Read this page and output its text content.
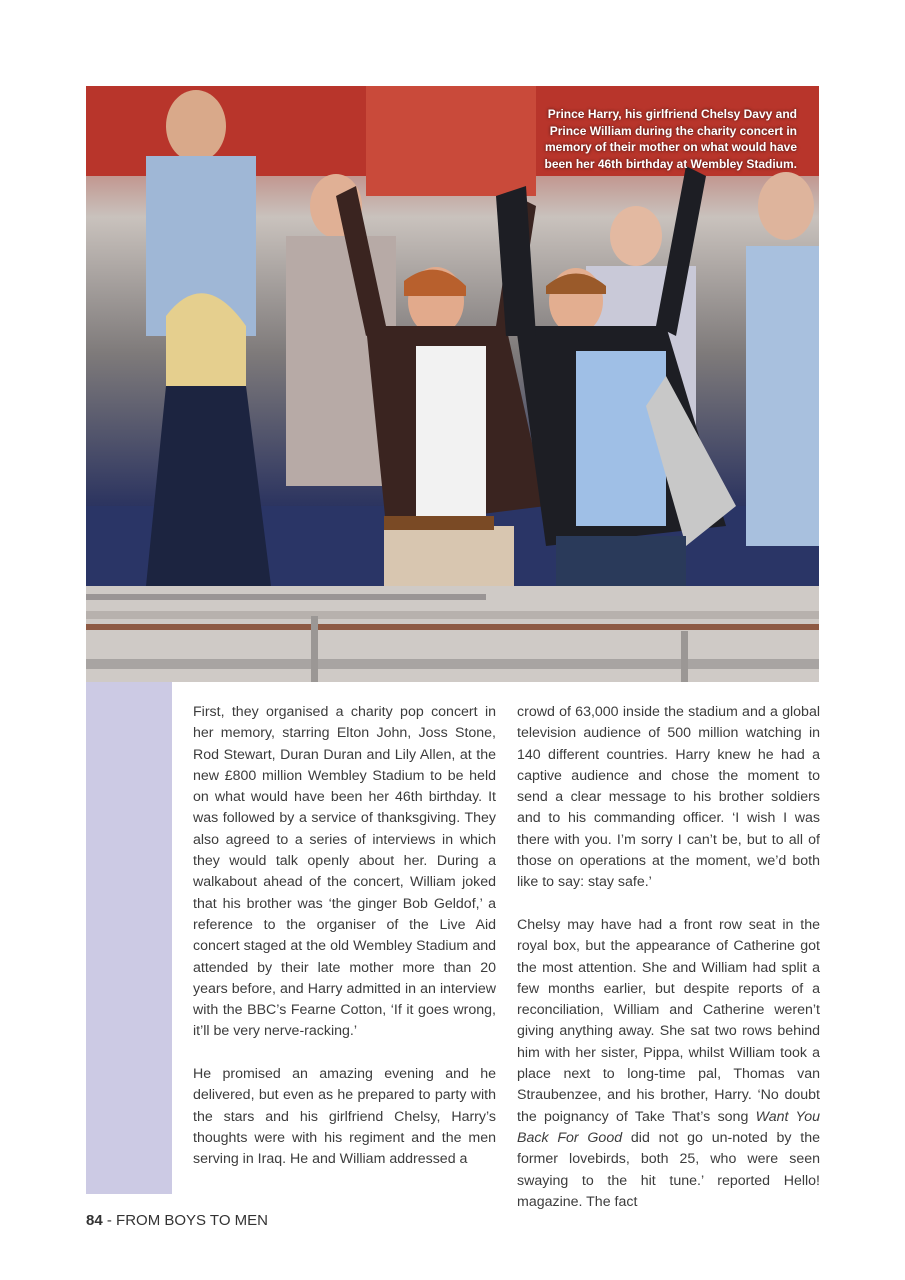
Prince Harry, his girlfriend Chelsy Davy and Prince William during the charity concert in memory of their mother on what would have been her 46th birthday at Wembley Stadium.

First, they organised a charity pop concert in her memory, starring Elton John, Joss Stone, Rod Stewart, Duran Duran and Lily Allen, at the new £800 million Wembley Stadium to be held on what would have been her 46th birthday. It was followed by a service of thanksgiving. They also agreed to a series of interviews in which they would talk openly about her. During a walkabout ahead of the concert, William joked that his brother was ‘the ginger Bob Geldof,’ a reference to the organiser of the Live Aid concert staged at the old Wembley Stadium and attended by their late mother more than 20 years before, and Harry admitted in an interview with the BBC’s Fearne Cotton, ‘If it goes wrong, it’ll be very nerve-racking.’

He promised an amazing evening and he delivered, but even as he prepared to party with the stars and his girlfriend Chelsy, Harry’s thoughts were with his regiment and the men serving in Iraq. He and William addressed a

crowd of 63,000 inside the stadium and a global television audience of 500 million watching in 140 different countries. Harry knew he had a captive audience and chose the moment to send a clear message to his brother soldiers and to his commanding officer. ‘I wish I was there with you. I’m sorry I can’t be, but to all of those on operations at the moment, we’d both like to say: stay safe.’

Chelsy may have had a front row seat in the royal box, but the appearance of Catherine got the most attention. She and William had split a few months earlier, but despite reports of a reconciliation, William and Catherine weren’t giving anything away. She sat two rows behind him with her sister, Pippa, whilst William took a place next to long-time pal, Thomas van Straubenzee, and his brother, Harry. ‘No doubt the poignancy of Take That’s song Want You Back For Good did not go un-noted by the former lovebirds, both 25, who were seen swaying to the hit tune.’ reported Hello! magazine. The fact

84 - FROM BOYS TO MEN
